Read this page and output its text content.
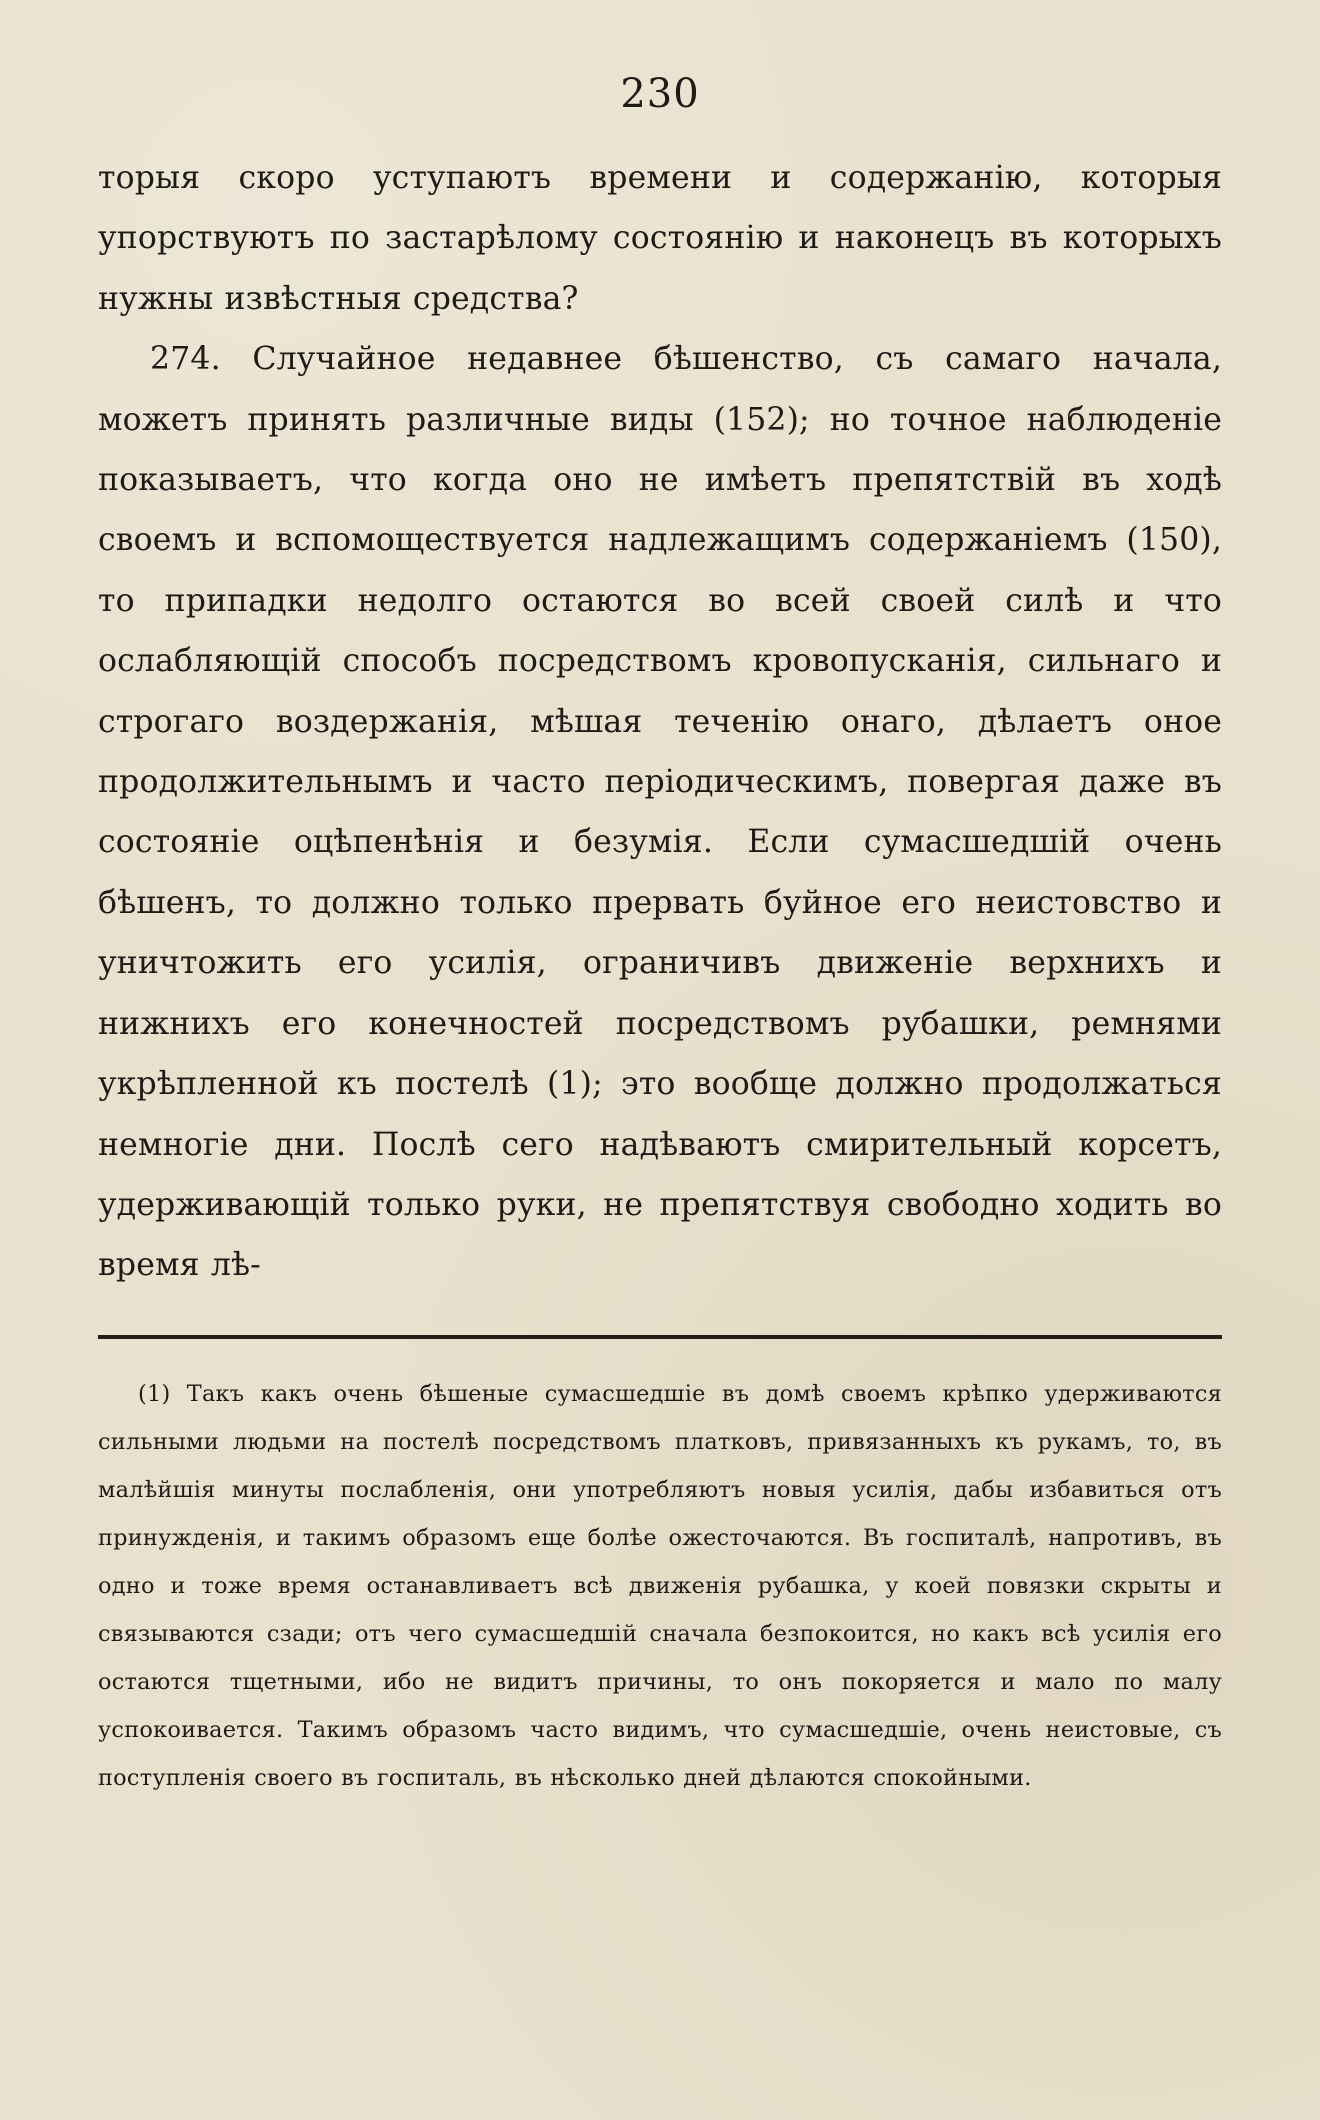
230

торыя скоро уступаютъ времени и содержанію, которыя упорствуютъ по застарѣлому состоянію и наконецъ въ которыхъ нужны извѣстныя средства?

274. Случайное недавнее бѣшенство, съ самаго начала, можетъ принять различные виды (152); но точное наблюденіе показываетъ, что когда оно не имѣетъ препятствій въ ходѣ своемъ и вспомоществуется надлежащимъ содержаніемъ (150), то припадки недолго остаются во всей своей силѣ и что ослабляющій способъ посредствомъ кровопусканія, сильнаго и строгаго воздержанія, мѣшая теченію онаго, дѣлаетъ оное продолжительнымъ и часто періодическимъ, повергая даже въ состояніе оцѣпенѣнія и безумія. Если сумасшедшій очень бѣшенъ, то должно только прервать буйное его неистовство и уничтожить его усилія, ограничивъ движеніе верхнихъ и нижнихъ его конечностей посредствомъ рубашки, ремнями укрѣпленной къ постелѣ (1); это вообще должно продолжаться немногіе дни. Послѣ сего надѣваютъ смирительный корсетъ, удерживающій только руки, не препятствуя свободно ходить во время лѣ-

(1) Такъ какъ очень бѣшеные сумасшедшіе въ домѣ своемъ крѣпко удерживаются сильными людьми на постелѣ посредствомъ платковъ, привязанныхъ къ рукамъ, то, въ малѣйшія минуты послабленія, они употребляютъ новыя усилія, дабы избавиться отъ принужденія, и такимъ образомъ еще болѣе ожесточаются. Въ госпиталѣ, напротивъ, въ одно и тоже время останавливаетъ всѣ движенія рубашка, у коей повязки скрыты и связываются сзади; отъ чего сумасшедшій сначала безпокоится, но какъ всѣ усилія его остаются тщетными, ибо не видитъ причины, то онъ покоряется и мало по малу успокоивается. Такимъ образомъ часто видимъ, что сумасшедшіе, очень неистовые, съ поступленія своего въ госпиталь, въ нѣсколько дней дѣлаются спокойными.
